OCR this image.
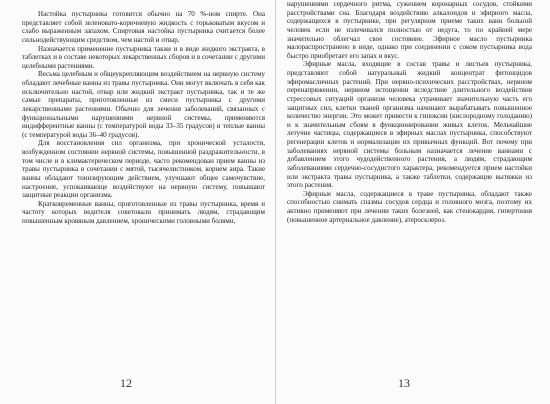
Настойка пустырника готовится обычно на 70 %-ном спирте. Она представляет собой зеленовато-коричневую жидкость с горьковатым вкусом и слабо выраженным запахом. Спиртовая настойка пустырника считается более сильнодействующим средством, чем настой и отвар.

Назначается применение пустырника также и в виде жидкого экстракта, в таблетках и в составе некоторых лекарственных сборов и в сочетании с другими целебными растениями.

Весьма целебным и общеукрепляющим воздействием на нервную систему обладают лечебные ванны из травы пустырника. Они могут включать в себя как исключительно настой, отвар или жидкий экстракт пустырника, так и те же самые препараты, приготовленные из смеси пустырника с другими лекарственными растениями. Обычно для лечения заболеваний, связанных с функциональными нарушениями нервной системы, применяются индифферентные ванны (с температурой воды 33–35 градусов) и теплые ванны (с температурой воды 36–40 градусов).

Для восстановления сил организма, при хронической усталости, возбужденном состоянии нервной системы, повышенной раздражительности, в том числе и в климактерическом периоде, часто рекомендован прием ванны из травы пустырника в сочетании с мятой, тысячелистником, корнем аира. Такие ванны обладают тонизирующим действием, улучшают общее самочувствие, настроение, успокаивающе воздействуют на нервную систему, повышают защитные реакции организма.

Кратковременные ванны, приготовленные из травы пустырника, время и частоту которых ведителя советовали принимать людям, страдающим повышенным кровяным давлением, хроническими головными болями,

12

нарушениями сердечного ритма, сужением коронарных сосудов, стойкими расстройствами сна. Благодаря воздействию алкалоидов и эфирного масла, содержащихся в пустырнике, при регулярном приеме таких ванн больной человек если не излечивался полностью от недуга, то по крайней мере значительно облегчал свое состояние. Эфирное масло пустырника малораспространено в виде, однако при соединении с соком пустырника вода быстро приобретает его запах и вкус.

Эфирные масла, входящие в состав травы и листьев пустырника, представляют собой натуральный жидкий концентрат фитонцидов эфиромасличных растений. При нервно-психических расстройствах, нервном перенапряжении, нервном истощении вследствие длительного воздействия стрессовых ситуаций организм человека утрачивает значительную часть его защитных сил, клетки тканей организма начинают вырабатывать повышенное количество энергии. Это может привести к гипоксии (кислородному голоданию) и к значительным сбоям в функционировании живых клеток. Мельчайшие летучие частицы, содержащиеся в эфирных маслах пустырника, способствуют регенерации клеток и нормализации их привычных функций. Вот почему при заболеваниях нервной системы больным назначается лечение ваннами с добавлением этого чудодейственного растения, а людям, страдающим заболеваниями сердечно-сосудистого характера, рекомендуется прием настойки или экстракта травы пустырника, а также таблетки, содержащие вытяжки из этого растения.

Эфирные масла, содержащиеся в траве пустырника, обладают также способностью снимать спазмы сосудов сердца и головного мозга, поэтому их активно применяют при лечении таких болезней, как стенокардия, гипертония (повышенное артериальное давление), атеросклероз.

13
